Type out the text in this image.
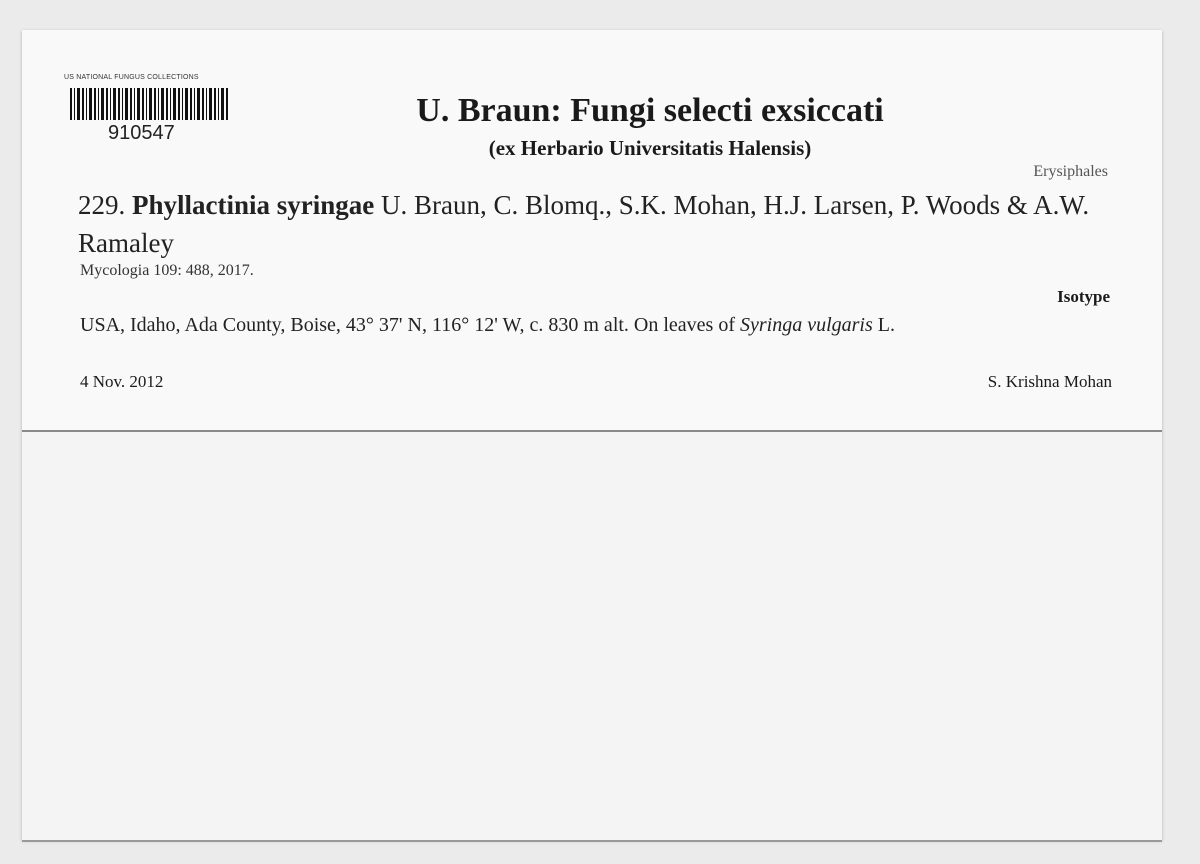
US NATIONAL FUNGUS COLLECTIONS
910547
U. Braun: Fungi selecti exsiccati
(ex Herbario Universitatis Halensis)
Erysiphales
229. Phyllactinia syringae U. Braun, C. Blomq., S.K. Mohan, H.J. Larsen, P. Woods & A.W. Ramaley
Mycologia 109: 488, 2017.
Isotype
USA, Idaho, Ada County, Boise, 43° 37' N, 116° 12' W, c. 830 m alt. On leaves of Syringa vulgaris L.
4 Nov. 2012	S. Krishna Mohan
